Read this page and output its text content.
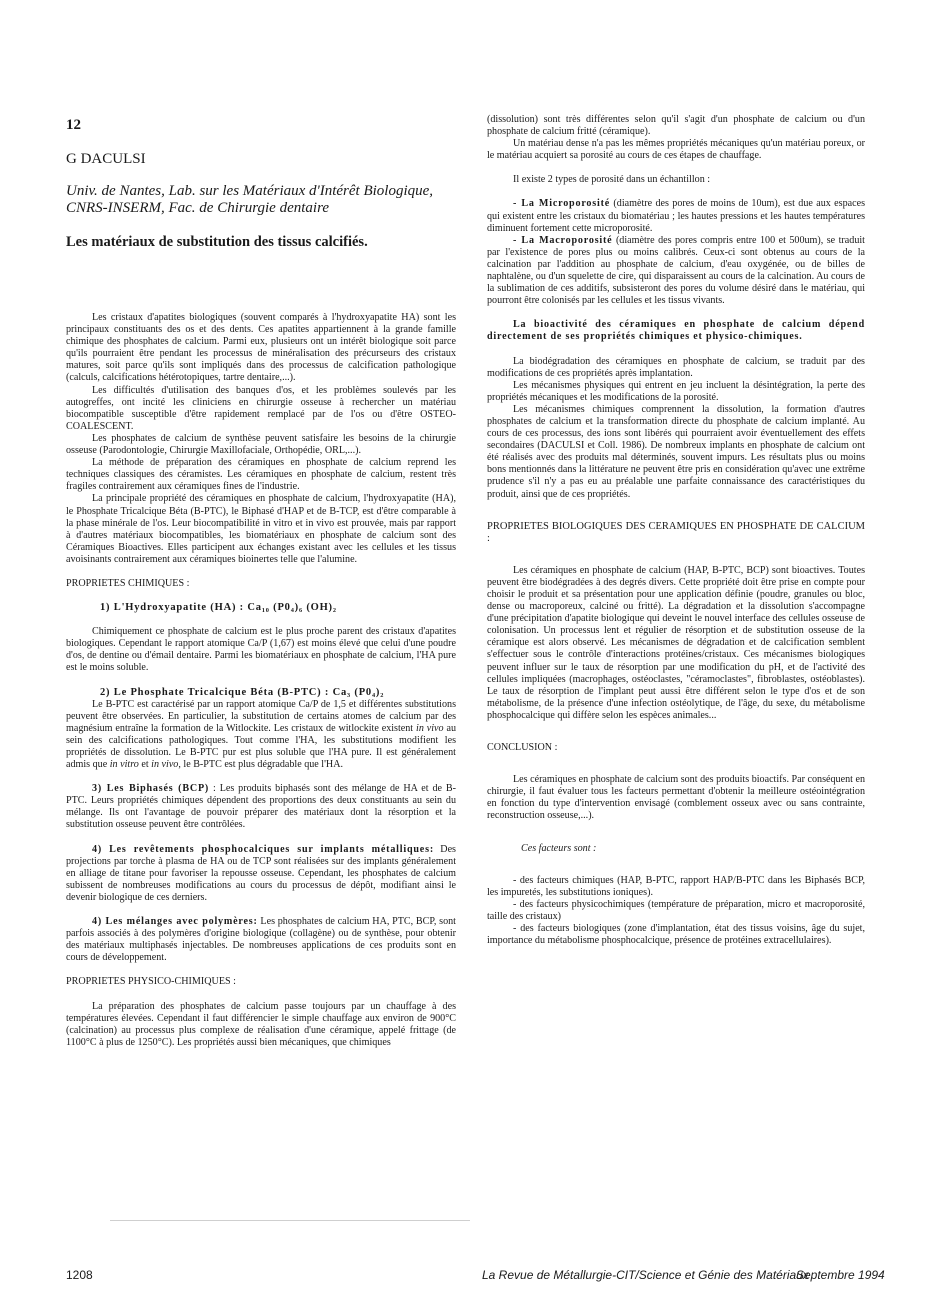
12
G DACULSI
Univ. de Nantes, Lab. sur les Matériaux d'Intérêt Biologique, CNRS-INSERM, Fac. de Chirurgie dentaire
Les matériaux de substitution des tissus calcifiés.

Les cristaux d'apatites biologiques (souvent comparés à l'hydroxyapatite HA) sont les principaux constituants des os et des dents. Ces apatites appartiennent à la grande famille chimique des phosphates de calcium. Parmi eux, plusieurs ont un intérêt biologique soit parce qu'ils pourraient être pendant les processus de minéralisation des précurseurs des cristaux matures, soit parce qu'ils sont impliqués dans des processus de calcification pathologique (calculs, calcifications hétérotopiques, tartre dentaire,...).

Les difficultés d'utilisation des banques d'os, et les problèmes soulevés par les autogreffes, ont incité les cliniciens en chirurgie osseuse à rechercher un matériau biocompatible susceptible d'être rapidement remplacé par de l'os ou d'être OSTEO-COALESCENT.

Les phosphates de calcium de synthèse peuvent satisfaire les besoins de la chirurgie osseuse (Parodontologie, Chirurgie Maxillofaciale, Orthopédie, ORL,...).

La méthode de préparation des céramiques en phosphate de calcium reprend les techniques classiques des céramistes. Les céramiques en phosphate de calcium, restent très fragiles contrairement aux céramiques fines de l'industrie.

La principale propriété des céramiques en phosphate de calcium, l'hydroxyapatite (HA), le Phosphate Tricalcique Béta (B-PTC), le Biphasé d'HAP et de B-TCP, est d'être comparable à la phase minérale de l'os. Leur biocompatibilité in vitro et in vivo est prouvée, mais par rapport à d'autres matériaux biocompatibles, les biomatériaux en phosphate de calcium sont des Céramiques Bioactives. Elles participent aux échanges existant avec les cellules et les tissus avoisinants contrairement aux céramiques bioinertes telle que l'alumine.

PROPRIETES CHIMIQUES :

1) L'Hydroxyapatite (HA) : Ca₁₀ (P0₄)₆ (OH)₂

Chimiquement ce phosphate de calcium est le plus proche parent des cristaux d'apatites biologiques. Cependant le rapport atomique Ca/P (1,67) est moins élevé que celui d'une poudre d'os, de dentine ou d'émail dentaire. Parmi les biomatériaux en phosphate de calcium, l'HA pure est le moins soluble.

2) Le Phosphate Tricalcique Béta (B-PTC) : Ca₃ (P0₄)₂

Le B-PTC est caractérisé par un rapport atomique Ca/P de 1,5 et différentes substitutions peuvent être observées. En particulier, la substitution de certains atomes de calcium par des magnésium entraîne la formation de la Witlockite. Les cristaux de witlockite existent in vivo au sein des calcifications pathologiques. Tout comme l'HA, les substitutions modifient les propriétés de dissolution. Le B-PTC pur est plus soluble que l'HA pure. Il est généralement admis que in vitro et in vivo, le B-PTC est plus dégradable que l'HA.

3) Les Biphasés (BCP) : Les produits biphasés sont des mélange de HA et de B-PTC. Leurs propriétés chimiques dépendent des proportions des deux constituants au sein du mélange. Ils ont l'avantage de pouvoir préparer des matériaux dont la résorption et la substitution osseuse peuvent être contrôlées.

4) Les revêtements phosphocalciques sur implants métalliques: Des projections par torche à plasma de HA ou de TCP sont réalisées sur des implants généralement en alliage de titane pour favoriser la repousse osseuse. Cependant, les phosphates de calcium subissent de nombreuses modifications au cours du processus de dépôt, modifiant ainsi le devenir biologique de ces derniers.

4) Les mélanges avec polymères: Les phosphates de calcium HA, PTC, BCP, sont parfois associés à des polymères d'origine biologique (collagène) ou de synthèse, pour obtenir des matériaux multiphasés injectables. De nombreuses applications de ces produits sont en cours de développement.

PROPRIETES PHYSICO-CHIMIQUES :

La préparation des phosphates de calcium passe toujours par un chauffage à des températures élevées. Cependant il faut différencier le simple chauffage aux environ de 900°C (calcination) au processus plus complexe de réalisation d'une céramique, appelé frittage (de 1100°C à plus de 1250°C). Les propriétés aussi bien mécaniques, que chimiques

(dissolution) sont très différentes selon qu'il s'agit d'un phosphate de calcium ou d'un phosphate de calcium fritté (céramique).

Un matériau dense n'a pas les mêmes propriétés mécaniques qu'un matériau poreux, or le matériau acquiert sa porosité au cours de ces étapes de chauffage.

Il existe 2 types de porosité dans un échantillon :

- La Microporosité (diamètre des pores de moins de 10um), est due aux espaces qui existent entre les cristaux du biomatériau ; les hautes pressions et les hautes températures diminuent fortement cette microporosité.

- La Macroporosité (diamètre des pores compris entre 100 et 500um), se traduit par l'existence de pores plus ou moins calibrés. Ceux-ci sont obtenus au cours de la calcination par l'addition au phosphate de calcium, d'eau oxygénée, ou de billes de naphtalène, ou d'un squelette de cire, qui disparaissent au cours de la calcination. Au cours de la sublimation de ces additifs, subsisteront des pores du volume désiré dans le matériau, qui pourront être colonisés par les cellules et les tissus vivants.

La bioactivité des céramiques en phosphate de calcium dépend directement de ses propriétés chimiques et physico-chimiques.

La biodégradation des céramiques en phosphate de calcium, se traduit par des modifications de ces propriétés après implantation.

Les mécanismes physiques qui entrent en jeu incluent la désintégration, la perte des propriétés mécaniques et les modifications de la porosité.

Les mécanismes chimiques comprennent la dissolution, la formation d'autres phosphates de calcium et la transformation directe du phosphate de calcium implanté. Au cours de ces processus, des ions sont libérés qui pourraient avoir éventuellement des effets secondaires (DACULSI et Coll. 1986). De nombreux implants en phosphate de calcium ont été réalisés avec des produits mal déterminés, souvent impurs. Les résultats plus ou moins bons mentionnés dans la littérature ne peuvent être pris en considération qu'avec une extrême prudence s'il n'y a pas eu au préalable une parfaite connaissance des caractéristiques du produit, ainsi que de ces propriétés.

PROPRIETES BIOLOGIQUES DES CERAMIQUES EN PHOSPHATE DE CALCIUM :

Les céramiques en phosphate de calcium (HAP, B-PTC, BCP) sont bioactives. Toutes peuvent être biodégradées à des degrés divers. Cette propriété doit être prise en compte pour choisir le produit et sa présentation pour une application définie (poudre, granules ou bloc, dense ou macroporeux, calciné ou fritté). La dégradation et la dissolution s'accompagne d'une précipitation d'apatite biologique qui deveint le nouvel interface des cellules osseuse de colonisation. Un processus lent et régulier de résorption et de substitution osseuse de la céramique est alors observé. Les mécanismes de dégradation et de calcification semblent s'effectuer sous le contrôle d'interactions protéines/cristaux. Ces mécanismes biologiques peuvent influer sur le taux de résorption par une modification du pH, et de l'activité des cellules impliquées (macrophages, ostéoclastes, "céramoclastes", fibroblastes, ostéoblastes). Le taux de résorption de l'implant peut aussi être différent selon le type d'os et de son métabolisme, de la présence d'une infection ostéolytique, de l'âge, du sexe, du métabolisme phosphocalcique qui diffère selon les espèces animales...

CONCLUSION :

Les céramiques en phosphate de calcium sont des produits bioactifs. Par conséquent en chirurgie, il faut évaluer tous les facteurs permettant d'obtenir la meilleure ostéointégration en fonction du type d'intervention envisagé (comblement osseux avec ou sans contrainte, reconstruction osseuse,...).

Ces facteurs sont :

- des facteurs chimiques (HAP, B-PTC, rapport HAP/B-PTC dans les Biphasés BCP, les impuretés, les substitutions ioniques).

- des facteurs physicochimiques (température de préparation, micro et macroporosité, taille des cristaux)

- des facteurs biologiques (zone d'implantation, état des tissus voisins, âge du sujet, importance du métabolisme phosphocalcique, présence de protéines extracellulaires).

1208	La Revue de Métallurgie-CIT/Science et Génie des Matériaux
Septembre 1994
